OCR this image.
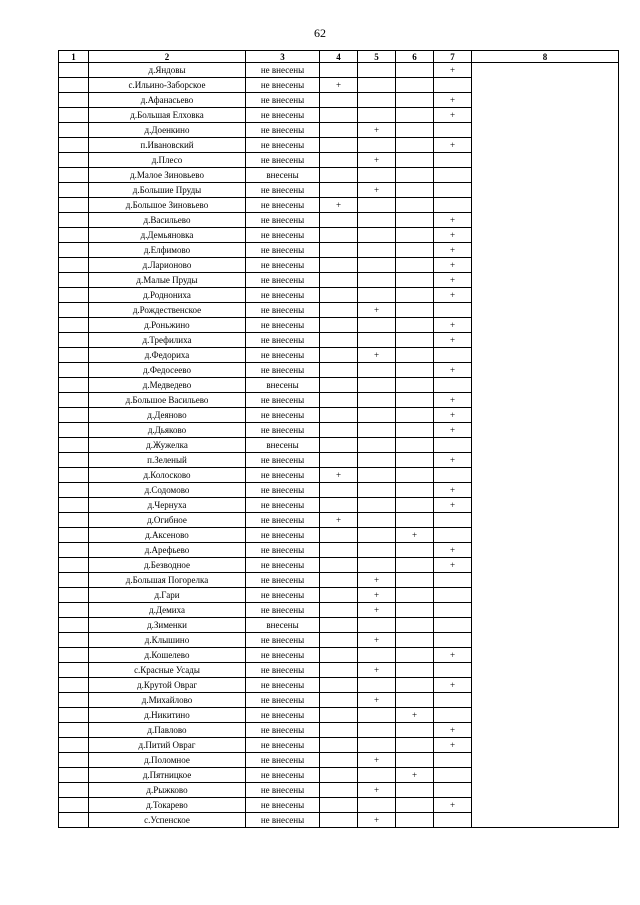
62
1	2	3	4	5	6	7	8
	д.Яндовы	не внесены				+	
	с.Ильино-Заборское	не внесены	+				
	д.Афанасьево	не внесены				+	
	д.Большая Елховка	не внесены				+	
	д.Доенкино	не внесены		+			
	п.Ивановский	не внесены				+	
	д.Плесо	не внесены		+			
	д.Малое Зиновьево	внесены					
	д.Большие Пруды	не внесены		+			
	д.Большое Зиновьево	не внесены	+				
	д.Васильево	не внесены				+	
	д.Демьяновка	не внесены				+	
	д.Елфимово	не внесены				+	
	д.Ларионово	не внесены				+	
	д.Малые Пруды	не внесены				+	
	д.Роднониха	не внесены				+	
	д.Рождественское	не внесены		+			
	д.Роньжино	не внесены				+	
	д.Трефилиха	не внесены				+	
	д.Федориха	не внесены		+			
	д.Федосеево	не внесены				+	
	д.Медведево	внесены					
	д.Большое Васильево	не внесены				+	
	д.Деяново	не внесены				+	
	д.Дьяково	не внесены				+	
	д.Жужелка	внесены					
	п.Зеленый	не внесены				+	
	д.Колосково	не внесены	+				
	д.Содомово	не внесены				+	
	д.Чернуха	не внесены				+	
	д.Огибное	не внесены	+				
	д.Аксеново	не внесены			+		
	д.Арефьево	не внесены				+	
	д.Безводное	не внесены				+	
	д.Большая Погорелка	не внесены		+			
	д.Гари	не внесены		+			
	д.Демиха	не внесены		+			
	д.Зименки	внесены					
	д.Клышино	не внесены		+			
	д.Кошелево	не внесены				+	
	с.Красные Усады	не внесены		+			
	д.Крутой Овраг	не внесены				+	
	д.Михайлово	не внесены		+			
	д.Никитино	не внесены			+		
	д.Павлово	не внесены				+	
	д.Питий Овраг	не внесены				+	
	д.Поломное	не внесены		+			
	д.Пятницкое	не внесены			+		
	д.Рыжково	не внесены		+			
	д.Токарево	не внесены				+	
	с.Успенское	не внесены		+			
